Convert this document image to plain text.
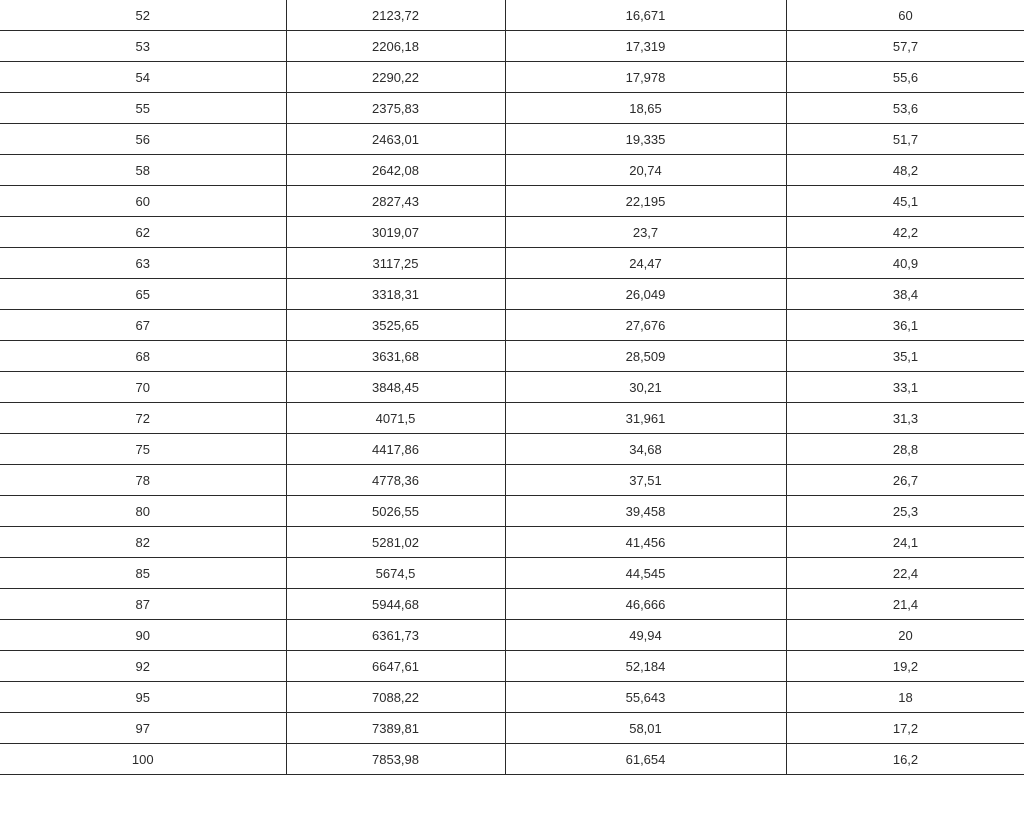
52	2123,72	16,671	60
53	2206,18	17,319	57,7
54	2290,22	17,978	55,6
55	2375,83	18,65	53,6
56	2463,01	19,335	51,7
58	2642,08	20,74	48,2
60	2827,43	22,195	45,1
62	3019,07	23,7	42,2
63	3117,25	24,47	40,9
65	3318,31	26,049	38,4
67	3525,65	27,676	36,1
68	3631,68	28,509	35,1
70	3848,45	30,21	33,1
72	4071,5	31,961	31,3
75	4417,86	34,68	28,8
78	4778,36	37,51	26,7
80	5026,55	39,458	25,3
82	5281,02	41,456	24,1
85	5674,5	44,545	22,4
87	5944,68	46,666	21,4
90	6361,73	49,94	20
92	6647,61	52,184	19,2
95	7088,22	55,643	18
97	7389,81	58,01	17,2
100	7853,98	61,654	16,2
